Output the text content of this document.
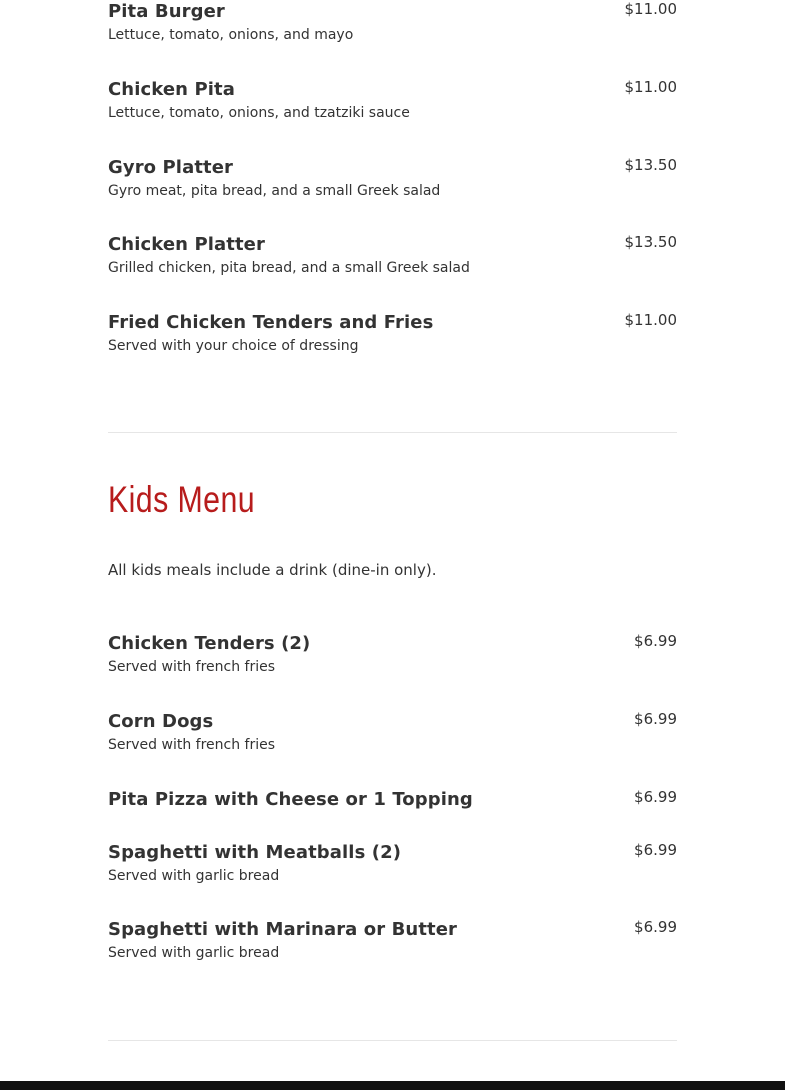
Pita Burger	$11.00
Lettuce, tomato, onions, and mayo
Chicken Pita	$11.00
Lettuce, tomato, onions, and tzatziki sauce
Gyro Platter	$13.50
Gyro meat, pita bread, and a small Greek salad
Chicken Platter	$13.50
Grilled chicken, pita bread, and a small Greek salad
Fried Chicken Tenders and Fries	$11.00
Served with your choice of dressing
Kids Menu
All kids meals include a drink (dine-in only).
Chicken Tenders (2)	$6.99
Served with french fries
Corn Dogs	$6.99
Served with french fries
Pita Pizza with Cheese or 1 Topping	$6.99
Spaghetti with Meatballs (2)	$6.99
Served with garlic bread
Spaghetti with Marinara or Butter	$6.99
Served with garlic bread
